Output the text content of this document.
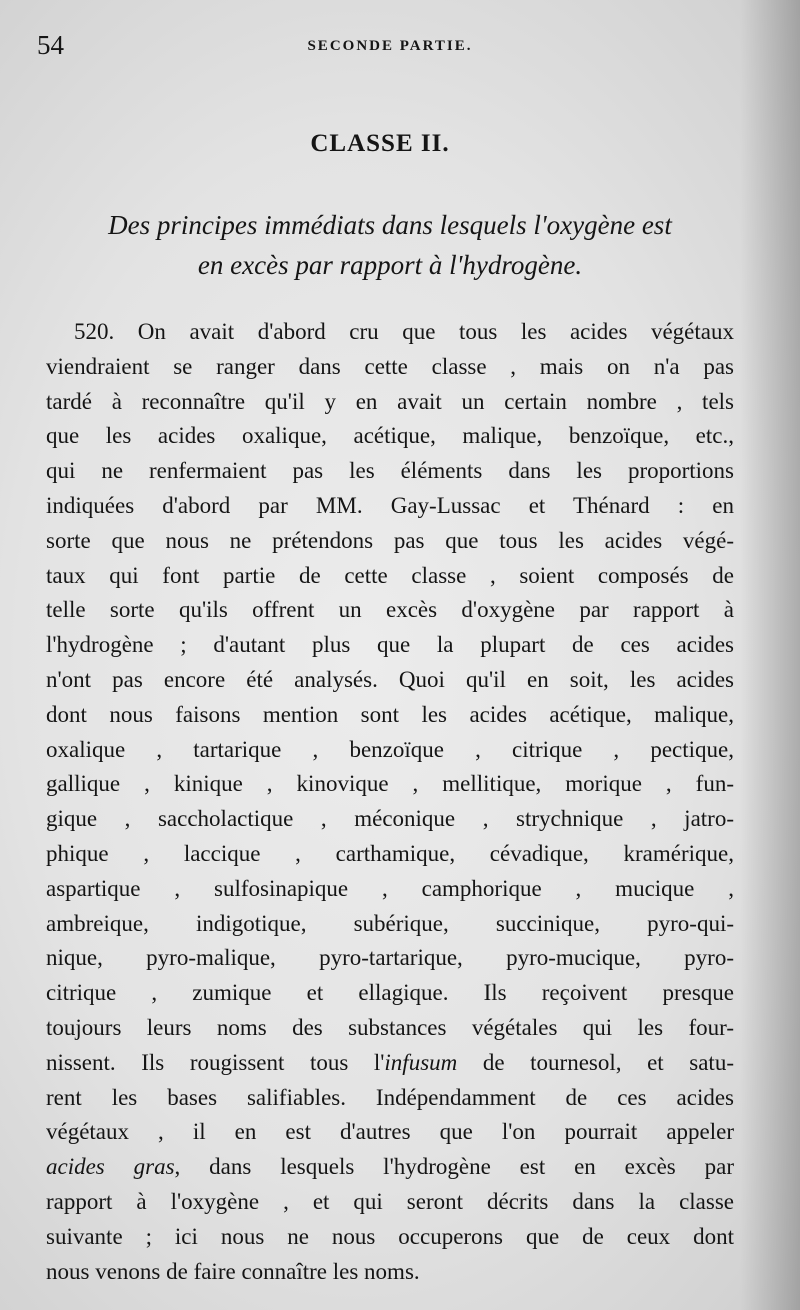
54	SECONDE PARTIE.
CLASSE II.
Des principes immédiats dans lesquels l'oxygène est
en excès par rapport à l'hydrogène.
520. On avait d'abord cru que tous les acides végétaux
viendraient se ranger dans cette classe , mais on n'a pas
tardé à reconnaître qu'il y en avait un certain nombre , tels
que les acides oxalique, acétique, malique, benzoïque, etc.,
qui ne renfermaient pas les éléments dans les proportions
indiquées d'abord par MM. Gay-Lussac et Thénard : en
sorte que nous ne prétendons pas que tous les acides végé-
taux qui font partie de cette classe , soient composés de
telle sorte qu'ils offrent un excès d'oxygène par rapport à
l'hydrogène ; d'autant plus que la plupart de ces acides
n'ont pas encore été analysés. Quoi qu'il en soit, les acides
dont nous faisons mention sont les acides acétique, malique,
oxalique , tartarique , benzoïque , citrique , pectique,
gallique , kinique , kinovique , mellitique, morique , fun-
gique , saccholactique , méconique , strychnique , jatro-
phique , laccique , carthamique, cévadique, kramérique,
aspartique , sulfosinapique , camphorique , mucique ,
ambreique, indigotique, subérique, succinique, pyro-qui-
nique, pyro-malique, pyro-tartarique, pyro-mucique, pyro-
citrique , zumique et ellagique. Ils reçoivent presque
toujours leurs noms des substances végétales qui les four-
nissent. Ils rougissent tous l'infusum de tournesol, et satu-
rent les bases salifiables. Indépendamment de ces acides
végétaux , il en est d'autres que l'on pourrait appeler
acides gras, dans lesquels l'hydrogène est en excès par
rapport à l'oxygène , et qui seront décrits dans la classe
suivante ; ici nous ne nous occuperons que de ceux dont
nous venons de faire connaître les noms.
